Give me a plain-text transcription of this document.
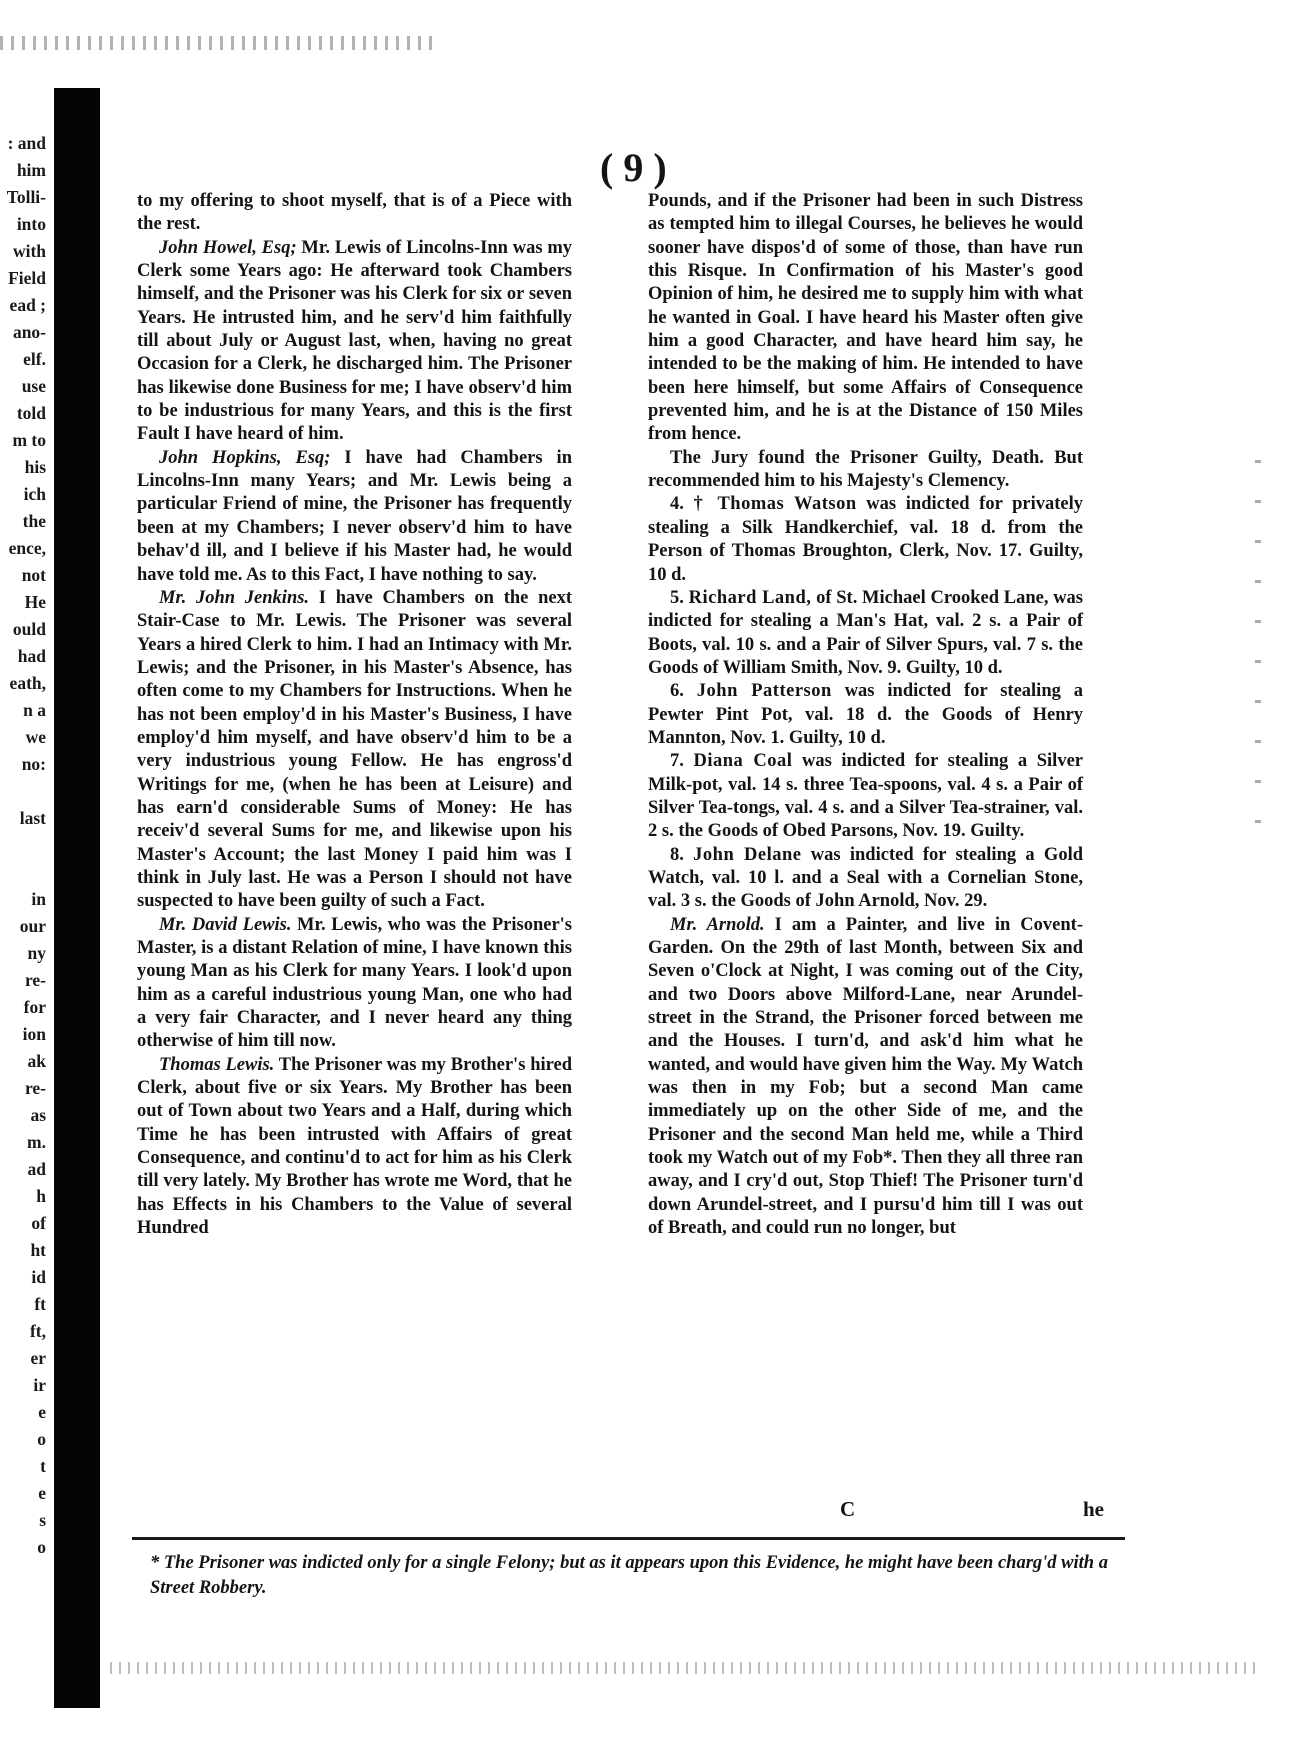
: and
him
Tolli-
into
with
Field
ead ;
ano-
elf.
use
told
m to
his
ich
the
ence,
not
He
ould
had
eath,
n a
we
no:
last
in
our
ny
re-
for
ion
ak
re-
as
m.
ad
h
of
ht
id
ft
ft,
er
ir
e
o
t
e
s
o
( 9 )

to my offering to shoot myself, that is of a Piece with the rest.

John Howel, Esq; Mr. Lewis of Lincolns-Inn was my Clerk some Years ago: He afterward took Chambers himself, and the Prisoner was his Clerk for six or seven Years. He intrusted him, and he serv'd him faithfully till about July or August last, when, having no great Occasion for a Clerk, he discharged him. The Prisoner has likewise done Business for me; I have observ'd him to be industrious for many Years, and this is the first Fault I have heard of him.

John Hopkins, Esq; I have had Chambers in Lincolns-Inn many Years; and Mr. Lewis being a particular Friend of mine, the Prisoner has frequently been at my Chambers; I never observ'd him to have behav'd ill, and I believe if his Master had, he would have told me. As to this Fact, I have nothing to say.

Mr. John Jenkins. I have Chambers on the next Stair-Case to Mr. Lewis. The Prisoner was several Years a hired Clerk to him. I had an Intimacy with Mr. Lewis; and the Prisoner, in his Master's Absence, has often come to my Chambers for Instructions. When he has not been employ'd in his Master's Business, I have employ'd him myself, and have observ'd him to be a very industrious young Fellow. He has engross'd Writings for me, (when he has been at Leisure) and has earn'd considerable Sums of Money: He has receiv'd several Sums for me, and likewise upon his Master's Account; the last Money I paid him was I think in July last. He was a Person I should not have suspected to have been guilty of such a Fact.

Mr. David Lewis. Mr. Lewis, who was the Prisoner's Master, is a distant Relation of mine, I have known this young Man as his Clerk for many Years. I look'd upon him as a careful industrious young Man, one who had a very fair Character, and I never heard any thing otherwise of him till now.

Thomas Lewis. The Prisoner was my Brother's hired Clerk, about five or six Years. My Brother has been out of Town about two Years and a Half, during which Time he has been intrusted with Affairs of great Consequence, and continu'd to act for him as his Clerk till very lately. My Brother has wrote me Word, that he has Effects in his Chambers to the Value of several Hundred

Pounds, and if the Prisoner had been in such Distress as tempted him to illegal Courses, he believes he would sooner have dispos'd of some of those, than have run this Risque. In Confirmation of his Master's good Opinion of him, he desired me to supply him with what he wanted in Goal. I have heard his Master often give him a good Character, and have heard him say, he intended to be the making of him. He intended to have been here himself, but some Affairs of Consequence prevented him, and he is at the Distance of 150 Miles from hence.

The Jury found the Prisoner Guilty, Death. But recommended him to his Majesty's Clemency.

4. † Thomas Watson was indicted for privately stealing a Silk Handkerchief, val. 18 d. from the Person of Thomas Broughton, Clerk, Nov. 17. Guilty, 10 d.

5. Richard Land, of St. Michael Crooked Lane, was indicted for stealing a Man's Hat, val. 2 s. a Pair of Boots, val. 10 s. and a Pair of Silver Spurs, val. 7 s. the Goods of William Smith, Nov. 9. Guilty, 10 d.

6. John Patterson was indicted for stealing a Pewter Pint Pot, val. 18 d. the Goods of Henry Mannton, Nov. 1. Guilty, 10 d.

7. Diana Coal was indicted for stealing a Silver Milk-pot, val. 14 s. three Tea-spoons, val. 4 s. a Pair of Silver Tea-tongs, val. 4 s. and a Silver Tea-strainer, val. 2 s. the Goods of Obed Parsons, Nov. 19. Guilty.

8. John Delane was indicted for stealing a Gold Watch, val. 10 l. and a Seal with a Cornelian Stone, val. 3 s. the Goods of John Arnold, Nov. 29.

Mr. Arnold. I am a Painter, and live in Covent-Garden. On the 29th of last Month, between Six and Seven o'Clock at Night, I was coming out of the City, and two Doors above Milford-Lane, near Arundel-street in the Strand, the Prisoner forced between me and the Houses. I turn'd, and ask'd him what he wanted, and would have given him the Way. My Watch was then in my Fob; but a second Man came immediately up on the other Side of me, and the Prisoner and the second Man held me, while a Third took my Watch out of my Fob*. Then they all three ran away, and I cry'd out, Stop Thief! The Prisoner turn'd down Arundel-street, and I pursu'd him till I was out of Breath, and could run no longer, but

C	he
* The Prisoner was indicted only for a single Felony; but as it appears upon this Evidence, he might have been charg'd with a Street Robbery.
